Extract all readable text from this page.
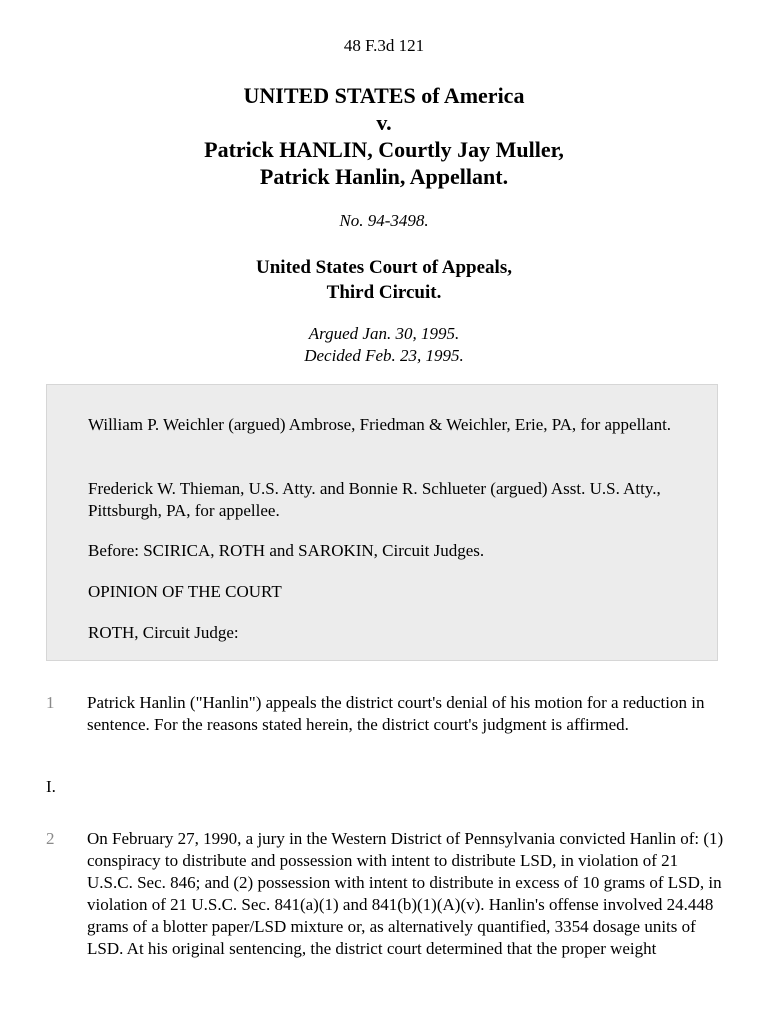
48 F.3d 121
UNITED STATES of America
v.
Patrick HANLIN, Courtly Jay Muller,
Patrick Hanlin, Appellant.
No. 94-3498.
United States Court of Appeals,
Third Circuit.
Argued Jan. 30, 1995.
Decided Feb. 23, 1995.

William P. Weichler (argued) Ambrose, Friedman & Weichler, Erie, PA, for appellant.

Frederick W. Thieman, U.S. Atty. and Bonnie R. Schlueter (argued) Asst. U.S. Atty., Pittsburgh, PA, for appellee.

Before: SCIRICA, ROTH and SAROKIN, Circuit Judges.

OPINION OF THE COURT

ROTH, Circuit Judge:

1 Patrick Hanlin ("Hanlin") appeals the district court's denial of his motion for a reduction in sentence. For the reasons stated herein, the district court's judgment is affirmed.

I.
2 On February 27, 1990, a jury in the Western District of Pennsylvania convicted Hanlin of: (1) conspiracy to distribute and possession with intent to distribute LSD, in violation of 21 U.S.C. Sec. 846; and (2) possession with intent to distribute in excess of 10 grams of LSD, in violation of 21 U.S.C. Sec. 841(a)(1) and 841(b)(1)(A)(v). Hanlin's offense involved 24.448 grams of a blotter paper/LSD mixture or, as alternatively quantified, 3354 dosage units of LSD. At his original sentencing, the district court determined that the proper weight
